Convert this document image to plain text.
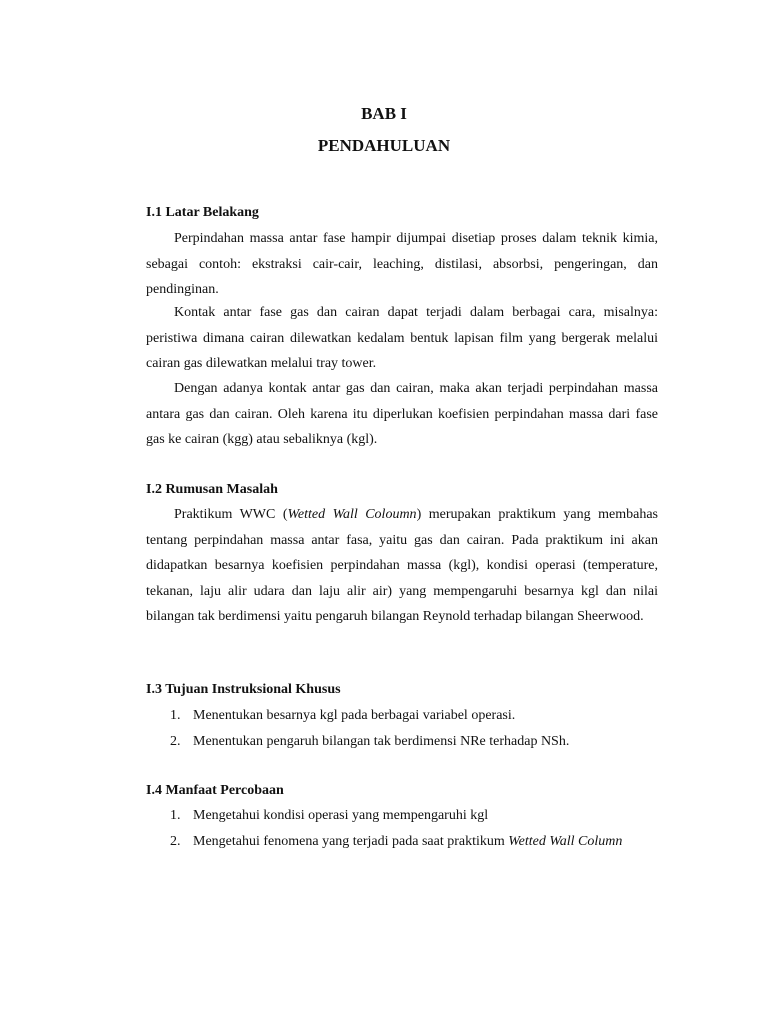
BAB I
PENDAHULUAN
I.1 Latar Belakang

Perpindahan massa antar fase hampir dijumpai disetiap proses dalam teknik kimia, sebagai contoh: ekstraksi cair-cair, leaching, distilasi, absorbsi, pengeringan, dan pendinginan.

Kontak antar fase gas dan cairan dapat terjadi dalam berbagai cara, misalnya: peristiwa dimana cairan dilewatkan kedalam bentuk lapisan film yang bergerak melalui cairan gas dilewatkan melalui tray tower.

Dengan adanya kontak antar gas dan cairan, maka akan terjadi perpindahan massa antara gas dan cairan. Oleh karena itu diperlukan koefisien perpindahan massa dari fase gas ke cairan (kgg) atau sebaliknya (kgl).

I.2 Rumusan Masalah

Praktikum WWC (Wetted Wall Coloumn) merupakan praktikum yang membahas tentang perpindahan massa antar fasa, yaitu gas dan cairan. Pada praktikum ini akan didapatkan besarnya koefisien perpindahan massa (kgl), kondisi operasi (temperature, tekanan, laju alir udara dan laju alir air) yang mempengaruhi besarnya kgl dan nilai bilangan tak berdimensi yaitu pengaruh bilangan Reynold terhadap bilangan Sheerwood.

I.3 Tujuan Instruksional Khusus
1. Menentukan besarnya kgl pada berbagai variabel operasi.
2. Menentukan pengaruh bilangan tak berdimensi NRe terhadap NSh.
I.4 Manfaat Percobaan
1. Mengetahui kondisi operasi yang mempengaruhi kgl
2. Mengetahui fenomena yang terjadi pada saat praktikum Wetted Wall Column
